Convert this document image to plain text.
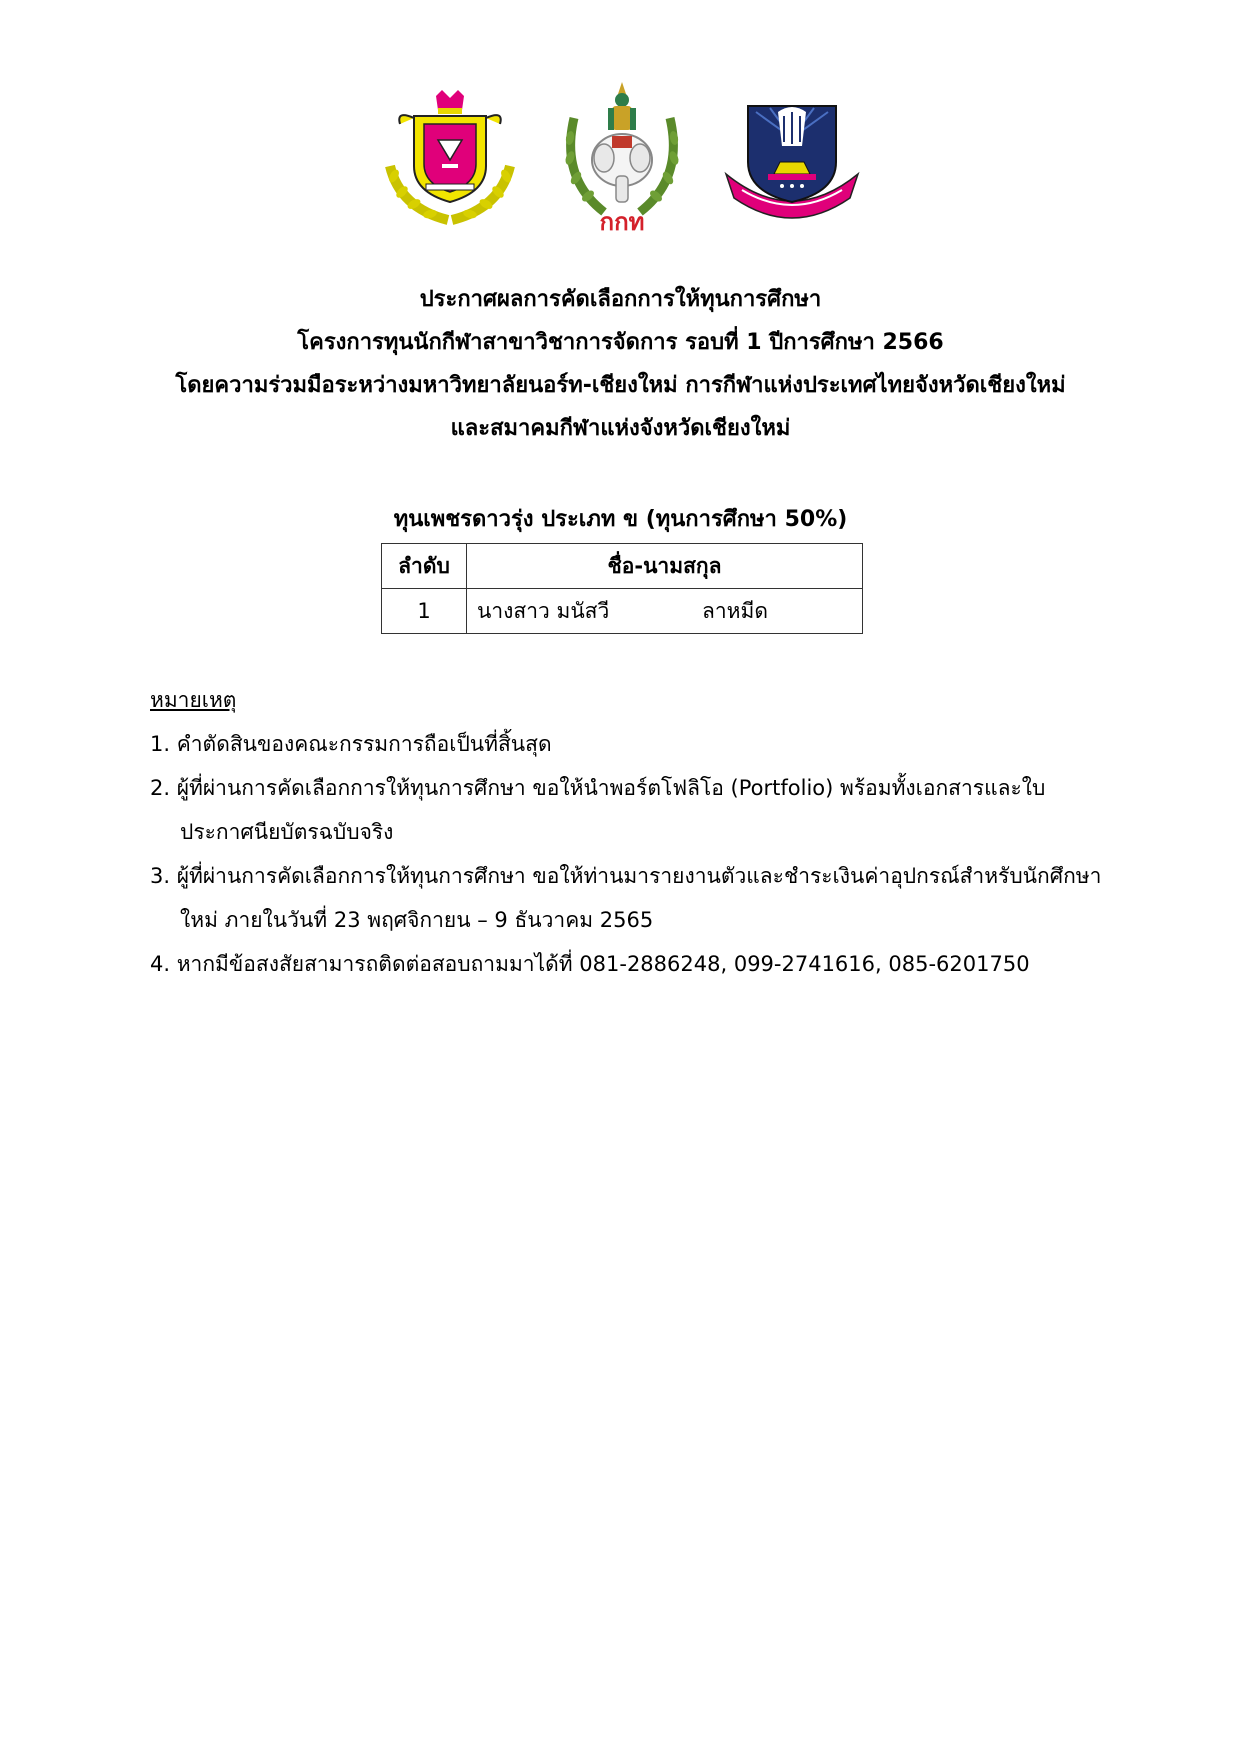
กกท
ประกาศผลการคัดเลือกการให้ทุนการศึกษา
โครงการทุนนักกีฬาสาขาวิชาการจัดการ รอบที่ 1 ปีการศึกษา 2566
โดยความร่วมมือระหว่างมหาวิทยาลัยนอร์ท-เชียงใหม่ การกีฬาแห่งประเทศไทยจังหวัดเชียงใหม่
และสมาคมกีฬาแห่งจังหวัดเชียงใหม่
ทุนเพชรดาวรุ่ง ประเภท ข (ทุนการศึกษา 50%)
ลำดับ	ชื่อ-นามสกุล
1	นางสาว มนัสวี ลาหมีด
หมายเหตุ
1. คำตัดสินของคณะกรรมการถือเป็นที่สิ้นสุด
2. ผู้ที่ผ่านการคัดเลือกการให้ทุนการศึกษา ขอให้นำพอร์ตโฟลิโอ (Portfolio) พร้อมทั้งเอกสารและใบ
ประกาศนียบัตรฉบับจริง
3. ผู้ที่ผ่านการคัดเลือกการให้ทุนการศึกษา ขอให้ท่านมารายงานตัวและชำระเงินค่าอุปกรณ์สำหรับนักศึกษา
ใหม่ ภายในวันที่ 23 พฤศจิกายน – 9 ธันวาคม 2565
4. หากมีข้อสงสัยสามารถติดต่อสอบถามมาได้ที่ 081-2886248, 099-2741616, 085-6201750
